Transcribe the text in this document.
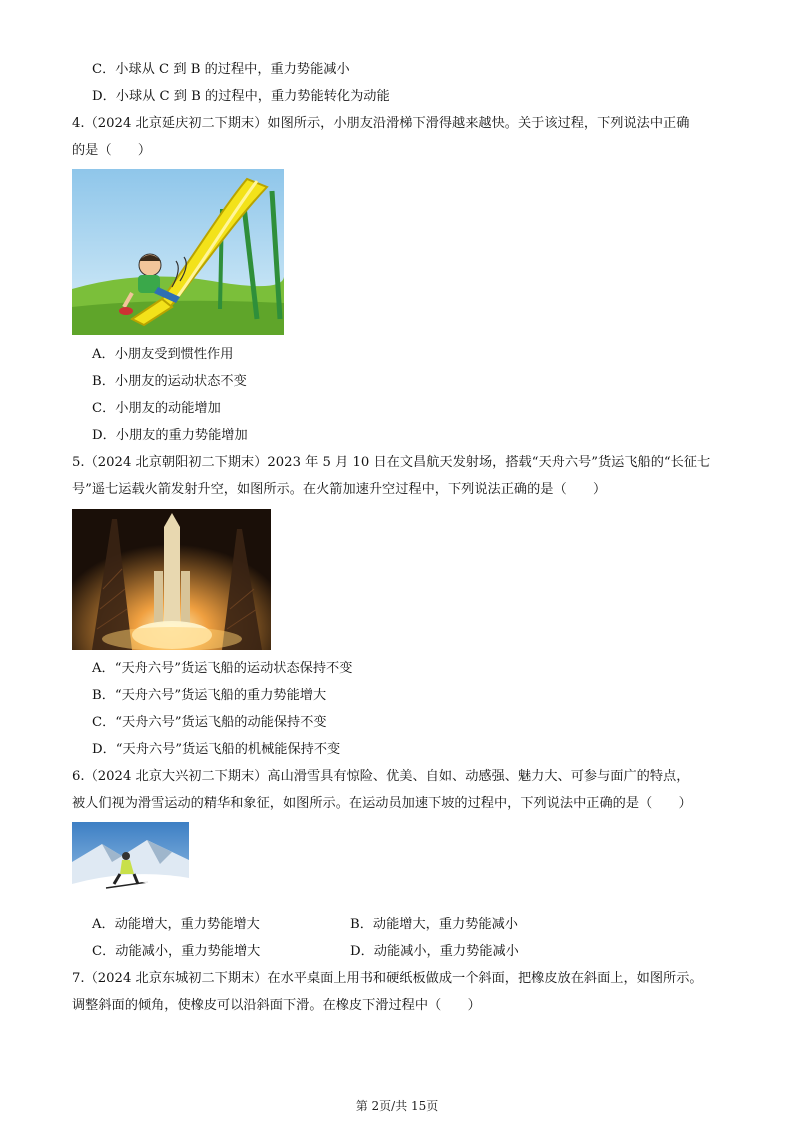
C．小球从 C 到 B 的过程中，重力势能减小
D．小球从 C 到 B 的过程中，重力势能转化为动能
4.（2024 北京延庆初二下期末）如图所示，小朋友沿滑梯下滑得越来越快。关于该过程，下列说法中正确
的是（　　）
A．小朋友受到惯性作用
B．小朋友的运动状态不变
C．小朋友的动能增加
D．小朋友的重力势能增加
5.（2024 北京朝阳初二下期末）2023 年 5 月 10 日在文昌航天发射场，搭载“天舟六号”货运飞船的“长征七
号”遥七运载火箭发射升空，如图所示。在火箭加速升空过程中，下列说法正确的是（　　）
A．“天舟六号”货运飞船的运动状态保持不变
B．“天舟六号”货运飞船的重力势能增大
C．“天舟六号”货运飞船的动能保持不变
D．“天舟六号”货运飞船的机械能保持不变
6.（2024 北京大兴初二下期末）高山滑雪具有惊险、优美、自如、动感强、魅力大、可参与面广的特点，
被人们视为滑雪运动的精华和象征，如图所示。在运动员加速下坡的过程中，下列说法中正确的是（　　）
A．动能增大，重力势能增大	B．动能增大，重力势能减小
C．动能减小，重力势能增大	D．动能减小，重力势能减小
7.（2024 北京东城初二下期末）在水平桌面上用书和硬纸板做成一个斜面，把橡皮放在斜面上，如图所示。
调整斜面的倾角，使橡皮可以沿斜面下滑。在橡皮下滑过程中（　　）
第 2页/共 15页
